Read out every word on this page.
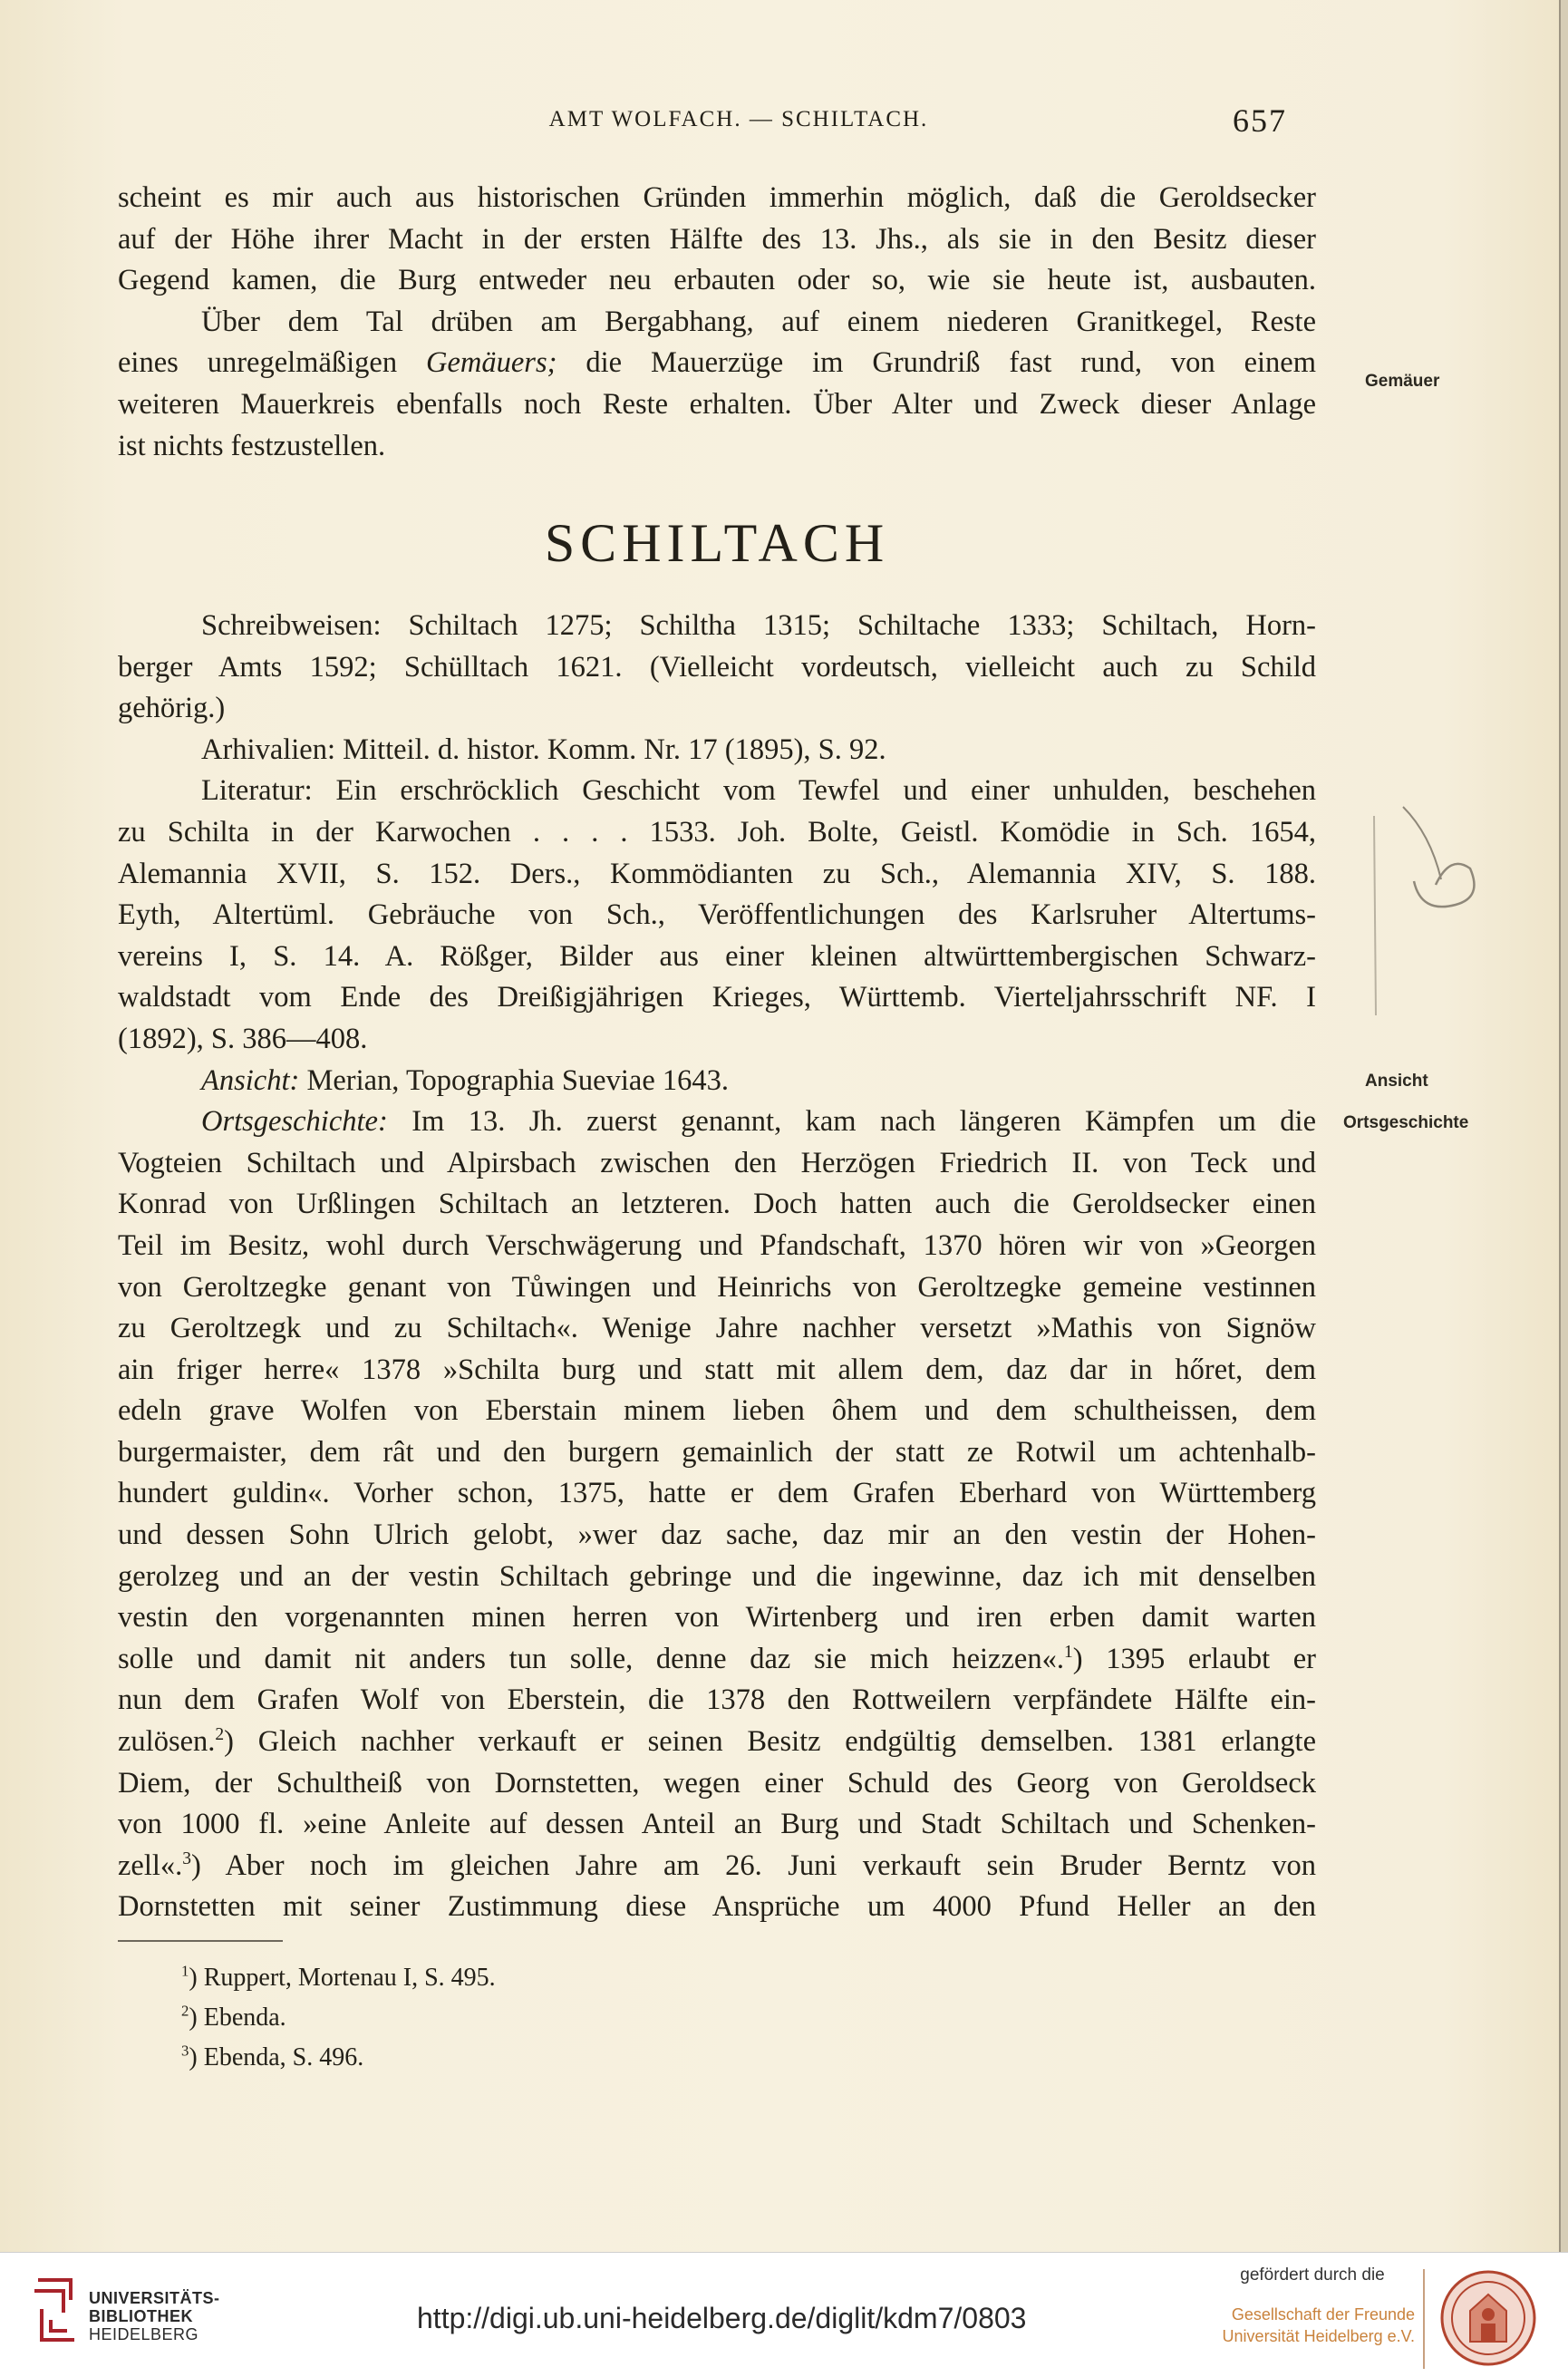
AMT WOLFACH. — SCHILTACH.	657
scheint es mir auch aus historischen Gründen immerhin möglich, daß die Geroldsecker
auf der Höhe ihrer Macht in der ersten Hälfte des 13. Jhs., als sie in den Besitz dieser
Gegend kamen, die Burg entweder neu erbauten oder so, wie sie heute ist, ausbauten.
Über dem Tal drüben am Bergabhang, auf einem niederen Granitkegel, Reste
eines unregelmäßigen Gemäuers; die Mauerzüge im Grundriß fast rund, von einem
weiteren Mauerkreis ebenfalls noch Reste erhalten. Über Alter und Zweck dieser Anlage
ist nichts festzustellen.
Gemäuer
SCHILTACH
Schreibweisen: Schiltach 1275; Schiltha 1315; Schiltache 1333; Schiltach, Horn-
berger Amts 1592; Schülltach 1621. (Vielleicht vordeutsch, vielleicht auch zu Schild
gehörig.)
Arhivalien: Mitteil. d. histor. Komm. Nr. 17 (1895), S. 92.
Literatur: Ein erschröcklich Geschicht vom Tewfel und einer unhulden, beschehen
zu Schilta in der Karwochen . . . . 1533. Joh. Bolte, Geistl. Komödie in Sch. 1654,
Alemannia XVII, S. 152. Ders., Kommödianten zu Sch., Alemannia XIV, S. 188.
Eyth, Altertüml. Gebräuche von Sch., Veröffentlichungen des Karlsruher Altertums-
vereins I, S. 14. A. Rößger, Bilder aus einer kleinen altwürttembergischen Schwarz-
waldstadt vom Ende des Dreißigjährigen Krieges, Württemb. Vierteljahrsschrift NF. I
(1892), S. 386—408.
Ansicht: Merian, Topographia Sueviae 1643.
Ortsgeschichte: Im 13. Jh. zuerst genannt, kam nach längeren Kämpfen um die
Vogteien Schiltach und Alpirsbach zwischen den Herzögen Friedrich II. von Teck und
Konrad von Urßlingen Schiltach an letzteren. Doch hatten auch die Geroldsecker einen
Teil im Besitz, wohl durch Verschwägerung und Pfandschaft, 1370 hören wir von »Georgen
von Geroltzegke genant von Tůwingen und Heinrichs von Geroltzegke gemeine vestinnen
zu Geroltzegk und zu Schiltach«. Wenige Jahre nachher versetzt »Mathis von Signöw
ain friger herre« 1378 »Schilta burg und statt mit allem dem, daz dar in hőret, dem
edeln grave Wolfen von Eberstain minem lieben ôhem und dem schultheissen, dem
burgermaister, dem rât und den burgern gemainlich der statt ze Rotwil um achtenhalb-
hundert guldin«. Vorher schon, 1375, hatte er dem Grafen Eberhard von Württemberg
und dessen Sohn Ulrich gelobt, »wer daz sache, daz mir an den vestin der Hohen-
gerolzeg und an der vestin Schiltach gebringe und die ingewinne, daz ich mit denselben
vestin den vorgenannten minen herren von Wirtenberg und iren erben damit warten
solle und damit nit anders tun solle, denne daz sie mich heizzen«.$^1$) 1395 erlaubt er
nun dem Grafen Wolf von Eberstein, die 1378 den Rottweilern verpfändete Hälfte ein-
zulösen.$^2$) Gleich nachher verkauft er seinen Besitz endgültig demselben. 1381 erlangte
Diem, der Schultheiß von Dornstetten, wegen einer Schuld des Georg von Geroldseck
von 1000 fl. »eine Anleite auf dessen Anteil an Burg und Stadt Schiltach und Schenken-
zell«.$^3$) Aber noch im gleichen Jahre am 26. Juni verkauft sein Bruder Berntz von
Dornstetten mit seiner Zustimmung diese Ansprüche um 4000 Pfund Heller an den
Ansicht
Ortsgeschichte
$^1$) Ruppert, Mortenau I, S. 495.
$^2$) Ebenda.
$^3$) Ebenda, S. 496.
UNIVERSITÄTS-
BIBLIOTHEK
HEIDELBERG	http://digi.ub.uni-heidelberg.de/diglit/kdm7/0803
gefördert durch die
Gesellschaft der Freunde
Universität Heidelberg e.V.
